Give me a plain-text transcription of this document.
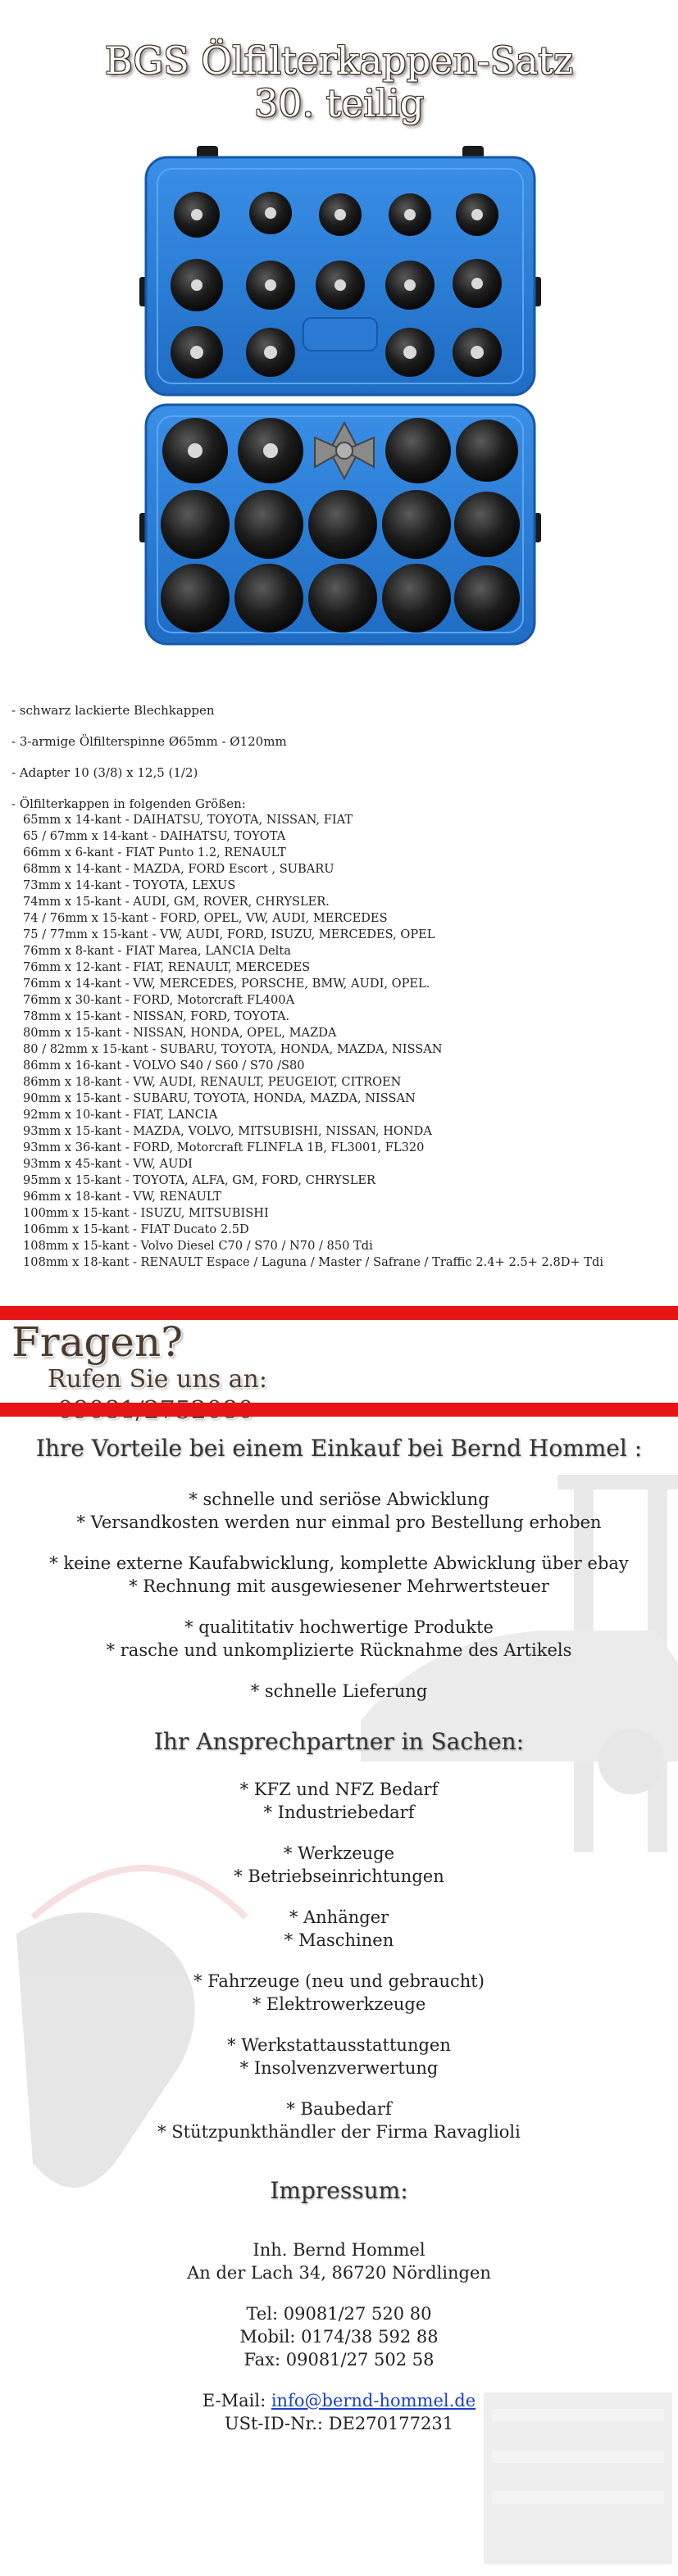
BGS Ölfilterkappen-Satz
30. teilig

- schwarz lackierte Blechkappen

- 3-armige Ölfilterspinne Ø65mm - Ø120mm

- Adapter 10 (3/8) x 12,5 (1/2)

- Ölfilterkappen in folgenden Größen:

65mm x 14-kant - DAIHATSU, TOYOTA, NISSAN, FIAT
65 / 67mm x 14-kant - DAIHATSU, TOYOTA
66mm x 6-kant - FIAT Punto 1.2, RENAULT
68mm x 14-kant - MAZDA, FORD Escort , SUBARU
73mm x 14-kant - TOYOTA, LEXUS
74mm x 15-kant - AUDI, GM, ROVER, CHRYSLER.
74 / 76mm x 15-kant - FORD, OPEL, VW, AUDI, MERCEDES
75 / 77mm x 15-kant - VW, AUDI, FORD, ISUZU, MERCEDES, OPEL
76mm x 8-kant - FIAT Marea, LANCIA Delta
76mm x 12-kant - FIAT, RENAULT, MERCEDES
76mm x 14-kant - VW, MERCEDES, PORSCHE, BMW, AUDI, OPEL.
76mm x 30-kant - FORD, Motorcraft FL400A
78mm x 15-kant - NISSAN, FORD, TOYOTA.
80mm x 15-kant - NISSAN, HONDA, OPEL, MAZDA
80 / 82mm x 15-kant - SUBARU, TOYOTA, HONDA, MAZDA, NISSAN
86mm x 16-kant - VOLVO S40 / S60 / S70 /S80
86mm x 18-kant - VW, AUDI, RENAULT, PEUGEIOT, CITROEN
90mm x 15-kant - SUBARU, TOYOTA, HONDA, MAZDA, NISSAN
92mm x 10-kant - FIAT, LANCIA
93mm x 15-kant - MAZDA, VOLVO, MITSUBISHI, NISSAN, HONDA
93mm x 36-kant - FORD, Motorcraft FLINFLA 1B, FL3001, FL320
93mm x 45-kant - VW, AUDI
95mm x 15-kant - TOYOTA, ALFA, GM, FORD, CHRYSLER
96mm x 18-kant - VW, RENAULT
100mm x 15-kant - ISUZU, MITSUBISHI
106mm x 15-kant - FIAT Ducato 2.5D
108mm x 15-kant - Volvo Diesel C70 / S70 / N70 / 850 Tdi
108mm x 18-kant - RENAULT Espace / Laguna / Master / Safrane / Traffic 2.4+ 2.5+ 2.8D+ Tdi
Fragen?
Rufen Sie uns an:
Ihre Vorteile bei einem Einkauf bei Bernd Hommel :
* schnelle und seriöse Abwicklung
* Versandkosten werden nur einmal pro Bestellung erhoben
* keine externe Kaufabwicklung, komplette Abwicklung über ebay
* Rechnung mit ausgewiesener Mehrwertsteuer
* qualititativ hochwertige Produkte
* rasche und unkomplizierte Rücknahme des Artikels
* schnelle Lieferung
Ihr Ansprechpartner in Sachen:
* KFZ und NFZ Bedarf
* Industriebedarf
* Werkzeuge
* Betriebseinrichtungen
* Anhänger
* Maschinen
* Fahrzeuge (neu und gebraucht)
* Elektrowerkzeuge
* Werkstattausstattungen
* Insolvenzverwertung
* Baubedarf
* Stützpunkthändler der Firma Ravaglioli
Impressum:
Inh. Bernd Hommel
An der Lach 34, 86720 Nördlingen
Tel: 09081/27 520 80
Mobil: 0174/38 592 88
Fax: 09081/27 502 58
E-Mail: info@bernd-hommel.de
USt-ID-Nr.: DE270177231
